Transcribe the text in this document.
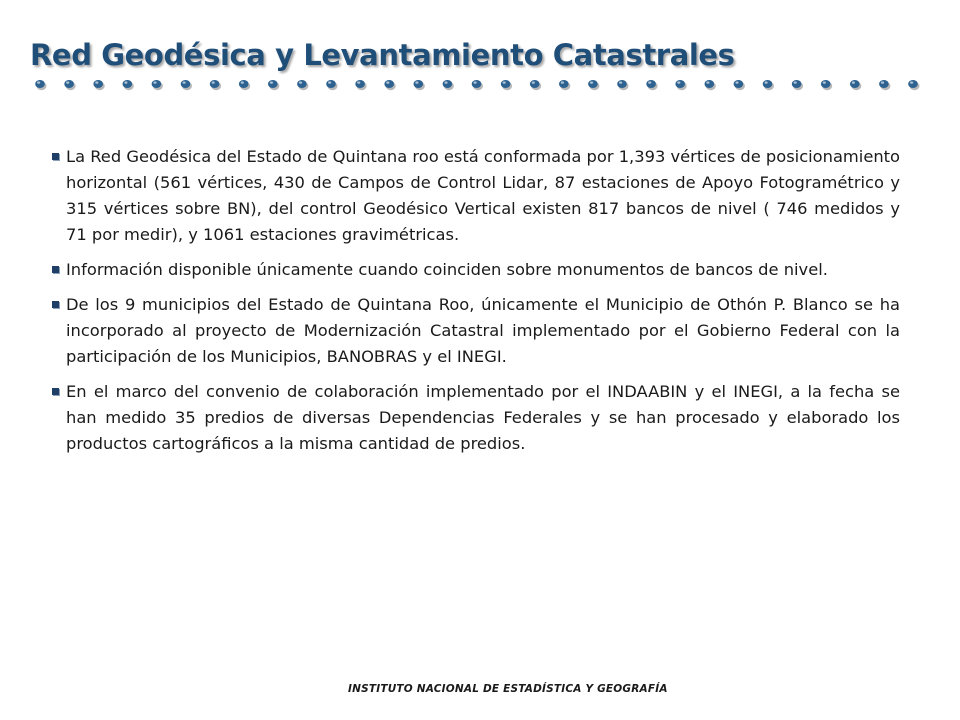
Red Geodésica y Levantamiento Catastrales
La Red Geodésica del Estado de Quintana roo está conformada por 1,393 vértices de posicionamiento horizontal (561 vértices, 430 de Campos de Control Lidar, 87 estaciones de Apoyo Fotogramétrico y 315 vértices sobre BN), del control Geodésico Vertical existen 817 bancos de nivel ( 746 medidos y 71 por medir), y 1061 estaciones gravimétricas.
Información disponible únicamente cuando coinciden sobre monumentos de bancos de nivel.
De los 9 municipios del Estado de Quintana Roo, únicamente el Municipio de Othón P. Blanco se ha incorporado al proyecto de Modernización Catastral implementado por el Gobierno Federal con la participación de los Municipios, BANOBRAS y el INEGI.
En el marco del convenio de colaboración implementado por el INDAABIN y el INEGI, a la fecha se han medido 35 predios de diversas Dependencias Federales y se han procesado y elaborado los productos cartográficos a la misma cantidad de predios.
INSTITUTO NACIONAL DE ESTADÍSTICA Y GEOGRAFÍA
